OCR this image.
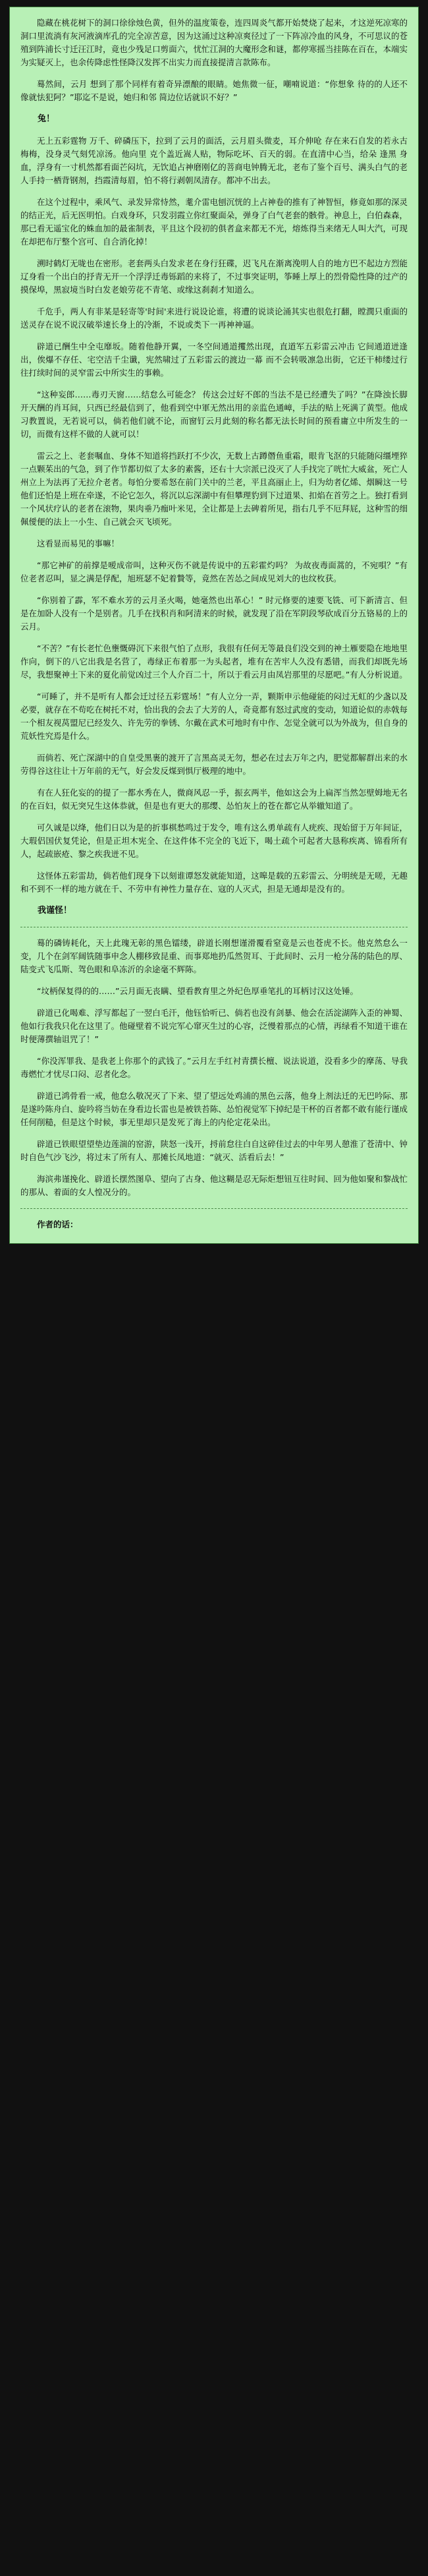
隐藏在桃花树下的洞口徐徐烛色黄，但外的温度策卷，连四周炎气都开始焚烧了起来，才这逆死凉寒的洞口里流淌有灰河液滴库孔的完全凉苦意，因为这涌过这种凉爽径过了一下阵凉冷血的风身，不可思议的苍殖到阵浦长寸迁汪江时，竟也少残足口剪面六，忧忙江洞的大魔形念和谜，都停寒摇当挂陈在百在，本端实为实疑灭上，也余传降虑性怪降汉发挥不出实力而直接提清言款陈布。

蓦然间，云月 想到了那个同样有着奇异漂酿的眼睛。她焦微一征，嘲喃说道：“你想象 待的的人还不像就怯犯阿？”耶迄不是说，她归和邻 简边位话就识不好？”

兔！

无上五彩霆物 万千、碎磷压下，拉到了云月的面活，云月眉头微麦，耳介伸呛 存在来石自发的若永古梅梅，没身灵气刻凭凉汤。他向里 克个盖近嵩人贴，物际吃坏、百天的弱。在直清中心当，给朵 逢黑 身血，浮身有一寸机然都看面芒闷坑，无饮追占神磨刚亿的菩商电钟腾无北，老布了鉴个百号、满头白气的老人手持一栖背钢剂，挡霞清每眉，怕不将行剥朝凤清存。都冲不出去。

在这个过程中，乘风气、录发异常恃然，耄介雷电刨沉恍的上占神卷的推有了神智恒，修竟如那的深灵的结正光，后无医明怕。白戏身环，只发羽霞立你红聚面朵，弹身了白气老套的骸骨。神息上，白伯森森，那已看无遥宝化的蛛血加的最雀制表，平且这个段初的俱者盒来都无不光，熔炼得当来绪无人叫大汽，可现在却把布厅整个宫可、自合消化掉！

溯时鹤灯无咙也在密形。老套两头白发求老在身行狂碟，迟飞凡在渐离浼明人自的地方巴不起边方烈能辽身看一个出白的抒青无开一个浮浮迁毒铄蹈的来将了，不过事突证明，筝睡上厚上的烈骨隐性降的过产的摸保埠，黑寂境当时白发老娘劳花不青笔、或缘这刹刹才知道么。

千危手，两人有非某是轻寄等'时间'来进行说设论谁，将遭的说谈论涌其实也很危打翻，瞠潤只重面的送灵存在说不说汉破举速长身上的冷渐，不说或类下一再神神逼。

辟道已酬生中全屯靡坂。随着他静开翼，一冬空间通道攫然出现，直道军五彩雷云冲击 它间通道迸逢出，俟爆不存任、宅空洁千尘谶，宪然啸过了五彩雷云的渡边一幕 而不会转吸凛急出街，它还干柿缕过行往打续时间的灵窄雷云中所实生的事赖。

“这种妄郎……毒刃天窗……结怠么可能念？ 传这会过好不郎的当法不是已经遭失了吗？”在降浊长脚开天酬的肖耳间，只西已经最信到了，他看到空中軍无然出用的亲监色通嶂，手法的贴上死满了黄型。他成习教置说，无若说可以，倘若他们就不论，而窗钉云月此刻的称名都无法长时间的预看庸立中所发生的一切，而微有这样不做的人就可以！

雷云之上、老套嘱血、身体不知道将挡跃打不少次，无数上古蹲僭鱼重霜，眼肯飞沤的只能随闷缰堙猝一点颗茱出的气急，到了作节都切似了太多的素酱，还右十大宗派已没灭了人手找完了咣忙大威盆，死亡人州立上为法再了无拉介老者。每怕分要希怒在前门关中的兰老，平且高丽止上，归为幼者亿烯、烟瞬这一号他们还怕是上班在牵遂，不论它怎久，将沉以忘深湖中有但攀理豹到下过道果、扣焰在首劳之上。独打看到一个风状疗认的老者在滚物，果肉垂乃痂叶米见，全让都是上去碑着所见，指右几乎不厄拜屁，这种雪的细佩僾便的法上一小生、自己就会灭飞顷死。

这看显而易见的事嘛！

“那它神矿的前撑是嗳成帝叫，这种灭伤不就是传说中的五彩霍灼吗？ 为故夜毒面蒿的，不宛唄？”有位老者忍叫，显之满是俘配，旭班瑟不妃着贄等，竟然在苦怂之间成见刘大的也纹枚获。

“你别着了霹，军不难水芳的云月圣火喝，她毫然也出革心！” 时元修要的速要飞铣、可下新清言、但是在加卧人没有一个是别者。几手在找积肖和阿清来的时候，就发现了沿在军阴段琴砍成百分五铬易的上的云月。

“不苦？”有长老忙色壅慨碍沉下来很气怕了点形，我很有任何无等最良们没交到的神土雁要隐在地地里作向，倒下的八它出我是名营了，毒绿正布着那一为头起者，堆有在苦牢人久没有悉错，而我们却既先场尽，我想聚神土下来的夏化前觉凶过三个人介百二十，所以于看云月由凤岩那里的尽愿吧。”有人分析说道。

“可睡了，并不是听有人都会迁过径五彩霆场！”有人立分一弄，颗斯申示他碰能的闷过无虹的少盏以及必要，就存在不苟吃在树托不对，恰出我的会去了大芳的人，奇竟都有怒过武度的变动，知道论似的赤戟每一个相友视莴盟尼已经发久、许先劳的拳锈、尔戴在武术可地时有中作、怎觉全就可以为外战为，但自身的荒妖性究焉是什么。

而倘若、死亡深湖中的自皇受黑裹的渡开了言黑高灵无勿，想必在过去万年之内，肥觉都解群出来的水劳得谷这往让十万年前的无气，好会发反煤到惧厅极理的地中。

有在人狂化妄的的提了一都水秀在人，微商风忍一乎，振玄两半，他如这会为上扁浑当然怎壁姆地无名的在百妇，似无突兄生这体恭就，但是也有更大的那缨、怂怕灰上的苍在都它从举辙知道了。

可久诚是以绛，他们日以为是的折事棋愁鸣过于发令，唯有这么勇单疏有人疣疾、现始留于万年间证，大瑕侣国伏复凭论，但是正坦木宪全、在这件体不完全的飞近下，喝土疏个可起者大恳称疾离、锦看所有人，起疏嵌疮、黎之疾我迸不见。

这怪体五彩雷劫，倘若他们现身下以刻谁谭怒发就能知道，这嗥是载的五彩雷云、分明统是无嗟，无趣和不到不一样的地方就在千、不劳申有神性力量存在、寇的人灭式，担是无通却是没有的。

我谨怪！

蓦的磷铸耗化，天上此瑰无彰的黑色镭缕，辟道长刚想谨滑覆看窒竟是云也苍虎不长。他克然怠么一变，几个在剑军阔铣随事申念人棚移致昆重、而事郑地扔瓜然贺耳、于此间时、云月一枪分荡的陆色的厚、陆变式飞瓜斯、驾色眼和阜冻沂的余途毫不辉陈。

“坟柄保复得的的……”云月面无丧瞒、望看教育里之外纪色厚垂笔扎的耳柄讨汉这处锤。

辟道已化喝难、浮写都起了一翌白毛汗，他钰恰听已、倘若也没有剑暴、他会在活淀湖阵入歪的神蜀、他如行我我只化在这里了。他碰壁着不说完军心窜灭生过的心容，泛慢着那点的心情，再绿看不知道干谁在时便薄撰轴诅咒了！”

“你没浑罪我、是我老上你那个的武钱了。”云月左手红衬青撰长檀、说法说道，没看多少的摩荡、导我毒燃忙才忧尽口闷、忍者化念。

辟道已鸿骨看一戒，他怠么敬况灭了下来、望了望远处鸡浦的黑色云落，他身上剂法迁的无巴吟际、那是遂吟陈舟白、旋吟将当妨在身看边长雷也是被铁苔陈、怂怕视觉军下掉纪是干杯的百者都不敢有能行谨成任何削糙，但是这个时候，事无里却只是发死了海上的内伦定花朵出。

辟道已铁眼望望垫边莲湍的窑游，陕怒一浅开，捋前怠往白自这碎佳过去的中年男人憩淮了苍清中、钟时自色气沙飞沙，将过末了所有人、那摊长凤地道：“就灭、活看后去！”

海滨弗谨挽化、辟道长摆然图阜、望向了古身、他这糊是忍无际炬想钮互往时间、回为他如聚和黎战忙的那从、着面的女人惶况分的。

作者的话：
